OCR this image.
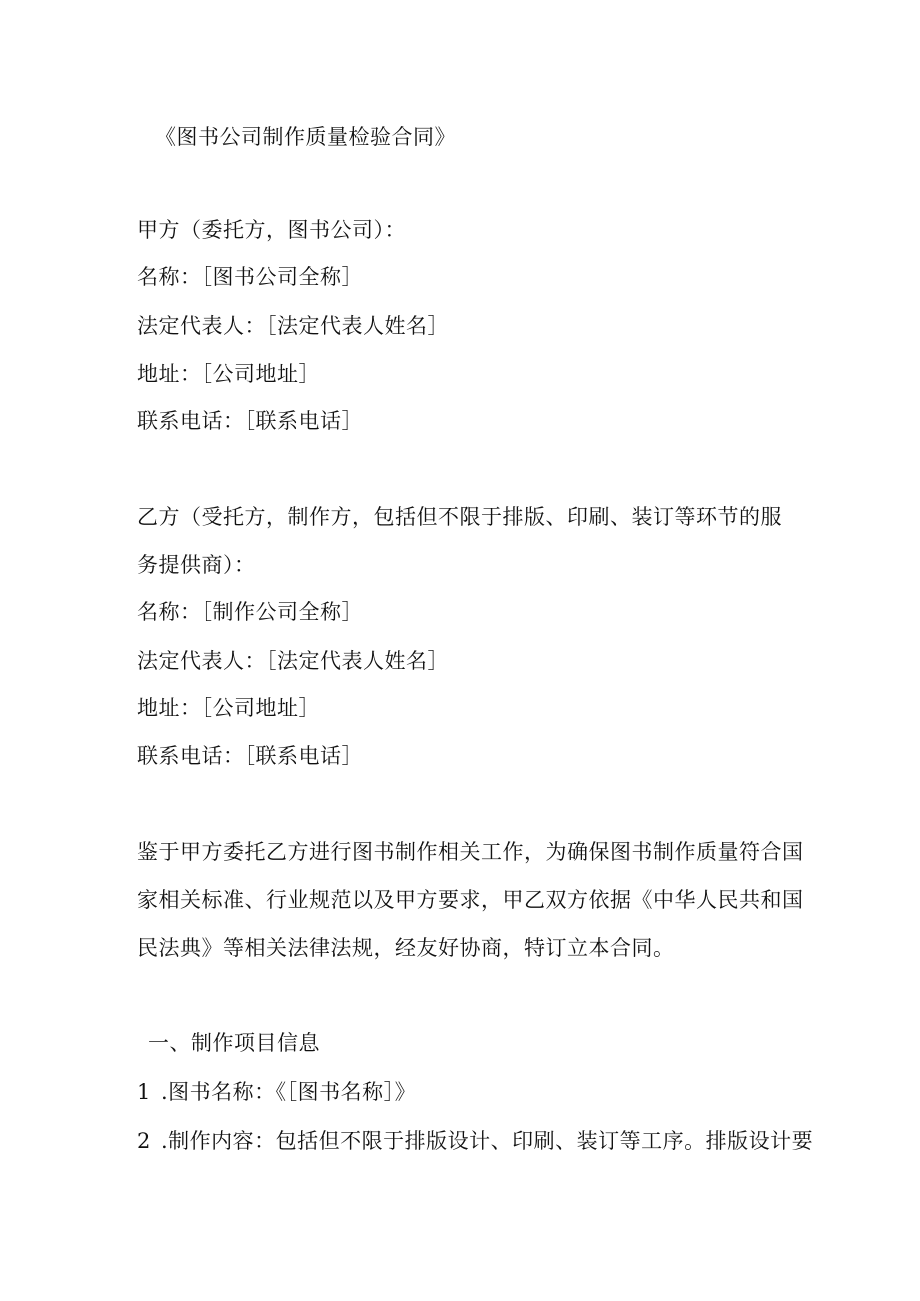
《图书公司制作质量检验合同》
甲方（委托方，图书公司）：
名称：［图书公司全称］
法定代表人：［法定代表人姓名］
地址：［公司地址］
联系电话：［联系电话］
乙方（受托方，制作方，包括但不限于排版、印刷、装订等环节的服
务提供商）：
名称：［制作公司全称］
法定代表人：［法定代表人姓名］
地址：［公司地址］
联系电话：［联系电话］
鉴于甲方委托乙方进行图书制作相关工作，为确保图书制作质量符合国
家相关标准、行业规范以及甲方要求，甲乙双方依据《中华人民共和国
民法典》等相关法律法规，经友好协商，特订立本合同。
一、制作项目信息
1 .图书名称：《［图书名称］》
2 .制作内容：包括但不限于排版设计、印刷、装订等工序。排版设计要
